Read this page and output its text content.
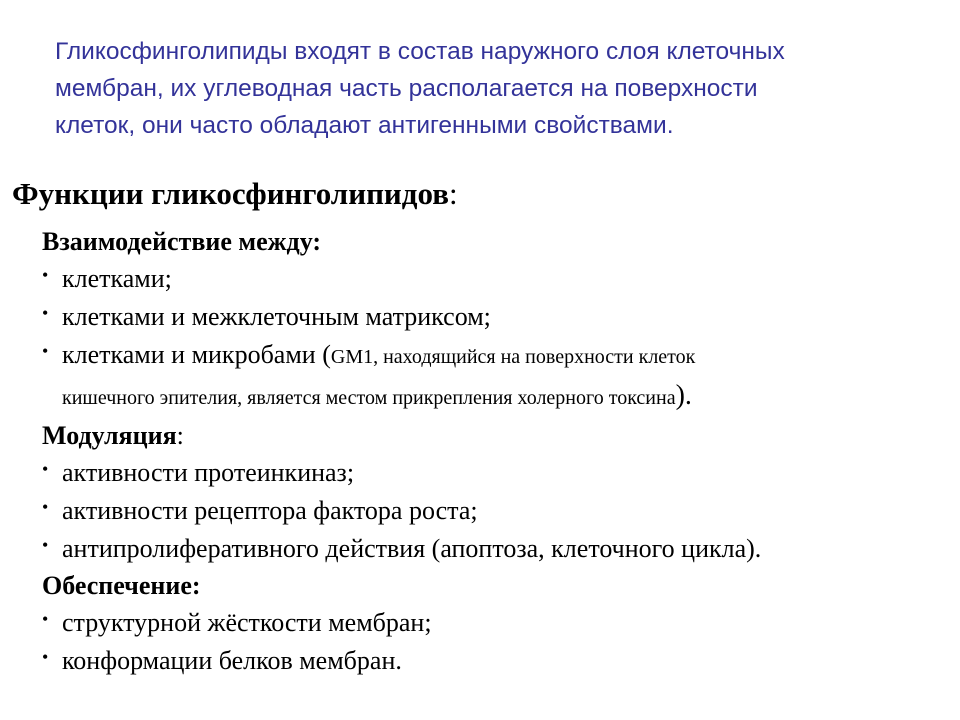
Гликосфинголипиды входят в состав наружного слоя клеточных
мембран, их углеводная часть располагается на поверхности
клеток, они часто обладают антигенными свойствами.
Функции гликосфинголипидов:
Взаимодействие между:
• клетками;
• клетками и межклеточным матриксом;
• клетками и микробами (GM1, находящийся на поверхности клеток
кишечного эпителия, является местом прикрепления холерного токсина).
Модуляция:
• активности протеинкиназ;
• активности рецептора фактора роста;
• антипролиферативного действия (апоптоза, клеточного цикла).
Обеспечение:
• структурной жёсткости мембран;
• конформации белков мембран.
